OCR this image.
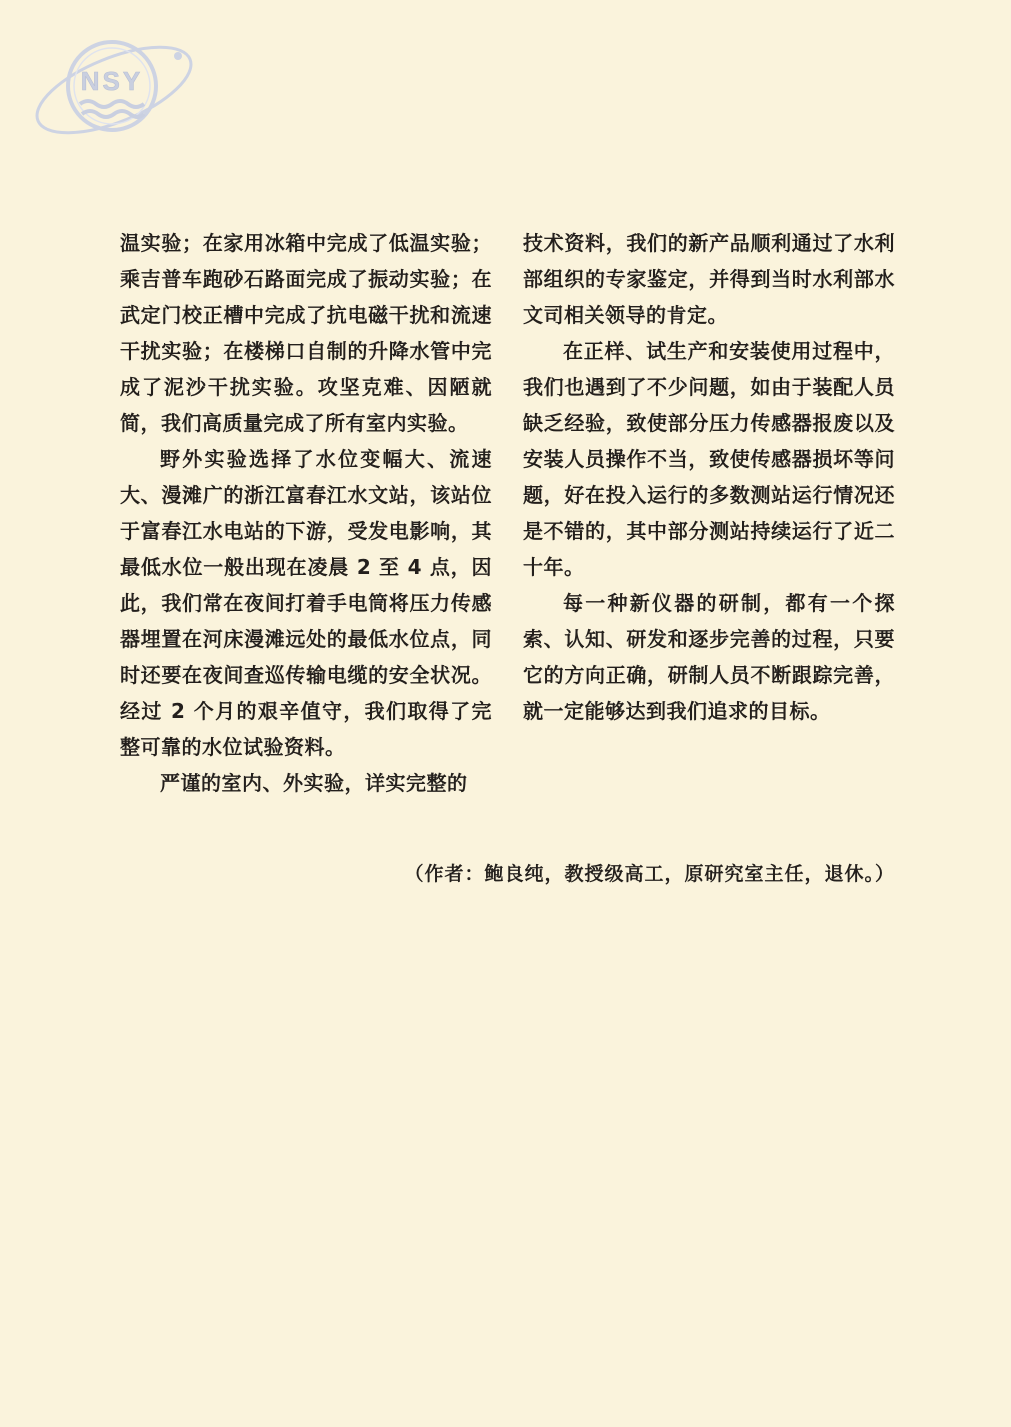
NSY

温实验；在家用冰箱中完成了低温实验；乘吉普车跑砂石路面完成了振动实验；在武定门校正槽中完成了抗电磁干扰和流速干扰实验；在楼梯口自制的升降水管中完成了泥沙干扰实验。攻坚克难、因陋就简，我们高质量完成了所有室内实验。

野外实验选择了水位变幅大、流速大、漫滩广的浙江富春江水文站，该站位于富春江水电站的下游，受发电影响，其最低水位一般出现在凌晨 2 至 4 点，因此，我们常在夜间打着手电筒将压力传感器埋置在河床漫滩远处的最低水位点，同时还要在夜间查巡传输电缆的安全状况。经过 2 个月的艰辛值守，我们取得了完整可靠的水位试验资料。

严谨的室内、外实验，详实完整的

技术资料，我们的新产品顺利通过了水利部组织的专家鉴定，并得到当时水利部水文司相关领导的肯定。

在正样、试生产和安装使用过程中，我们也遇到了不少问题，如由于装配人员缺乏经验，致使部分压力传感器报废以及安装人员操作不当，致使传感器损坏等问题，好在投入运行的多数测站运行情况还是不错的，其中部分测站持续运行了近二十年。

每一种新仪器的研制，都有一个探索、认知、研发和逐步完善的过程，只要它的方向正确，研制人员不断跟踪完善，就一定能够达到我们追求的目标。

（作者：鲍良纯，教授级高工，原研究室主任，退休。）
